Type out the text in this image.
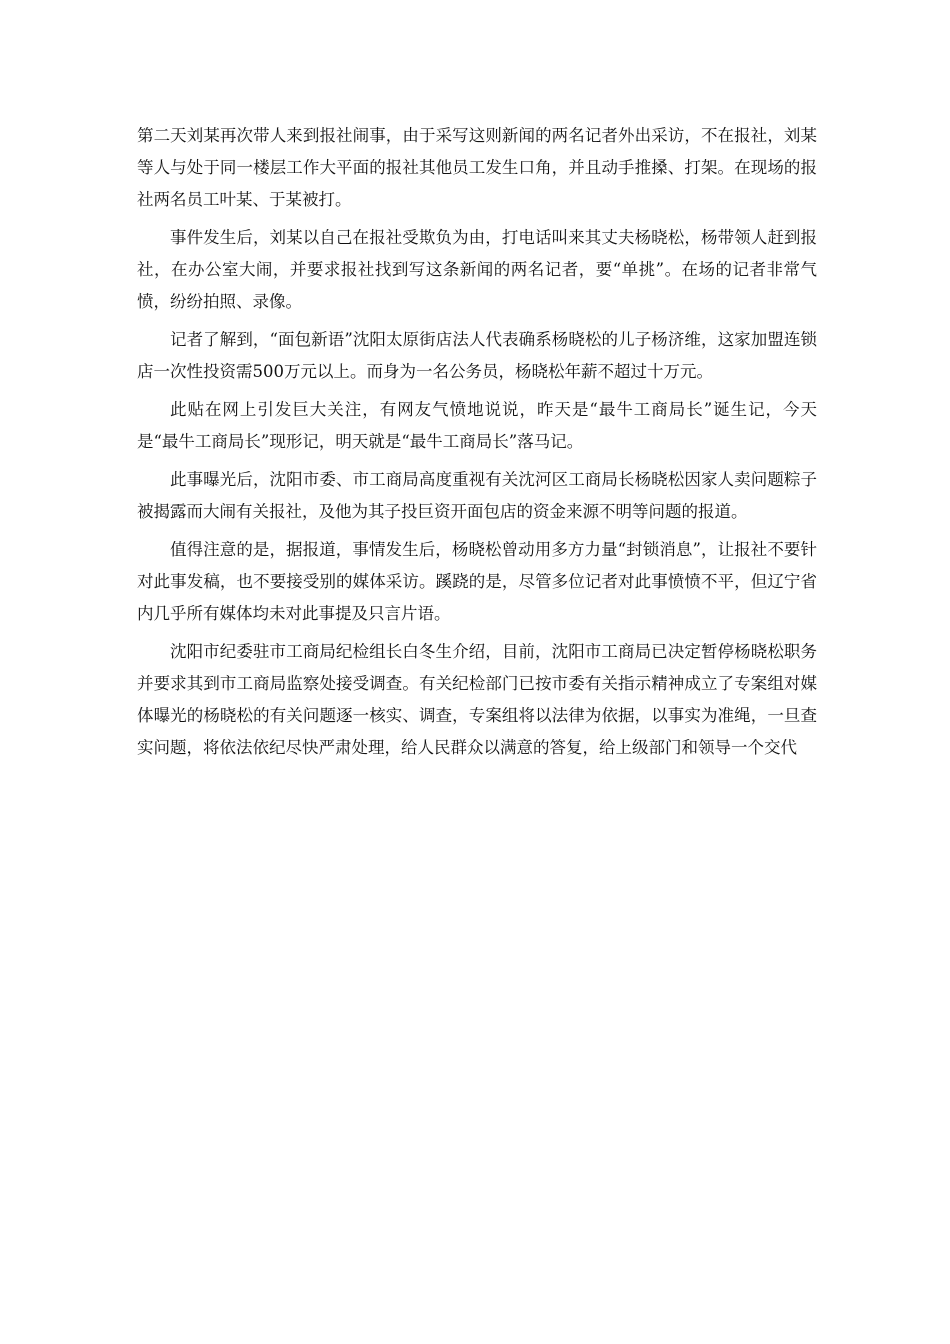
第二天刘某再次带人来到报社闹事，由于采写这则新闻的两名记者外出采访，不在报社，刘某等人与处于同一楼层工作大平面的报社其他员工发生口角，并且动手推搡、打架。在现场的报社两名员工叶某、于某被打。

事件发生后，刘某以自己在报社受欺负为由，打电话叫来其丈夫杨晓松，杨带领人赶到报社，在办公室大闹，并要求报社找到写这条新闻的两名记者，要“单挑”。在场的记者非常气愤，纷纷拍照、录像。

记者了解到，“面包新语”沈阳太原街店法人代表确系杨晓松的儿子杨济维，这家加盟连锁店一次性投资需500万元以上。而身为一名公务员，杨晓松年薪不超过十万元。

此贴在网上引发巨大关注，有网友气愤地说说，昨天是“最牛工商局长”诞生记，今天是“最牛工商局长”现形记，明天就是“最牛工商局长”落马记。

此事曝光后，沈阳市委、市工商局高度重视有关沈河区工商局长杨晓松因家人卖问题粽子被揭露而大闹有关报社，及他为其子投巨资开面包店的资金来源不明等问题的报道。

值得注意的是，据报道，事情发生后，杨晓松曾动用多方力量“封锁消息”，让报社不要针对此事发稿，也不要接受别的媒体采访。蹊跷的是，尽管多位记者对此事愤愤不平，但辽宁省内几乎所有媒体均未对此事提及只言片语。

沈阳市纪委驻市工商局纪检组长白冬生介绍，目前，沈阳市工商局已决定暂停杨晓松职务并要求其到市工商局监察处接受调查。有关纪检部门已按市委有关指示精神成立了专案组对媒体曝光的杨晓松的有关问题逐一核实、调查，专案组将以法律为依据，以事实为准绳，一旦查实问题，将依法依纪尽快严肃处理，给人民群众以满意的答复，给上级部门和领导一个交代
